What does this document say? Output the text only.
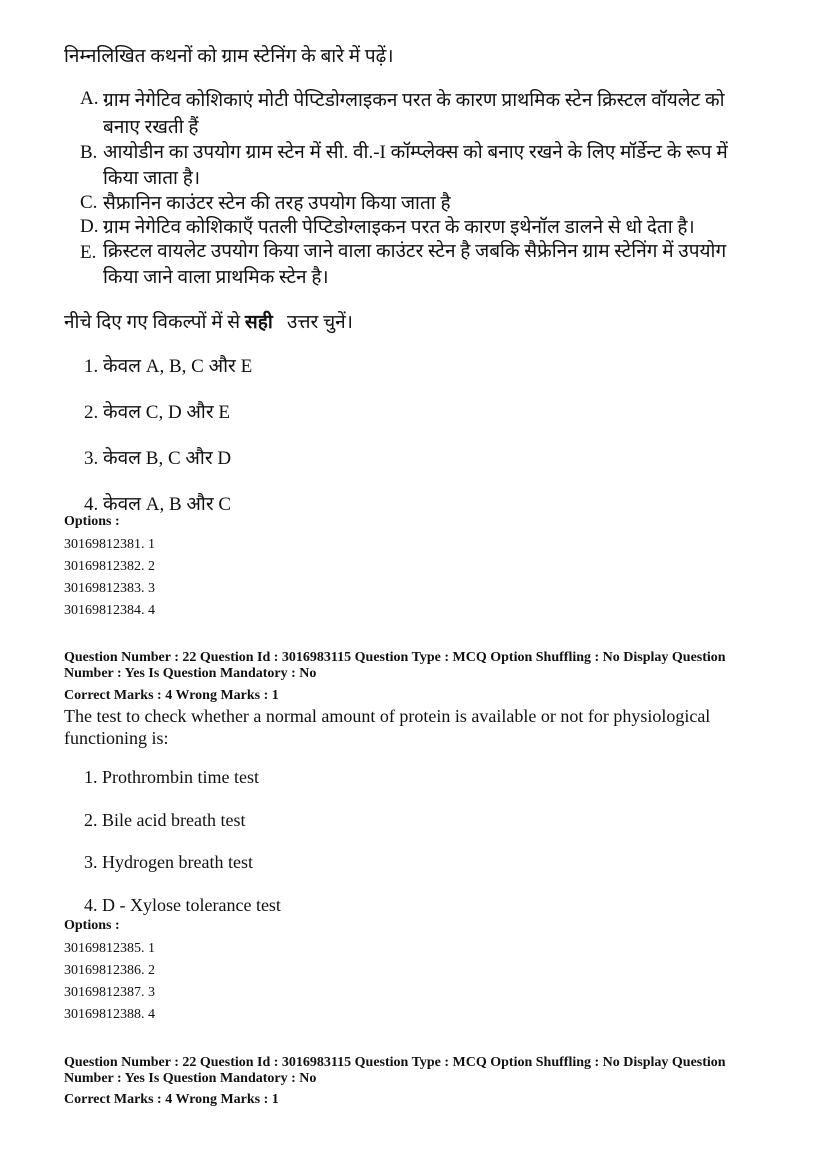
निम्नलिखित कथनों को ग्राम स्टेनिंग के बारे में पढ़ें।
A. ग्राम नेगेटिव कोशिकाएं मोटी पेप्टिडोग्लाइकन परत के कारण प्राथमिक स्टेन क्रिस्टल वॉयलेट को
बनाए रखती हैं
B. आयोडीन का उपयोग ग्राम स्टेन में सी. वी.-I कॉम्प्लेक्स को बनाए रखने के लिए मॉर्डेन्ट के रूप में
किया जाता है।
C. सैफ्रानिन काउंटर स्टेन की तरह उपयोग किया जाता है
D. ग्राम नेगेटिव कोशिकाएँ पतली पेप्टिडोग्लाइकन परत के कारण इथेनॉल डालने से धो देता है।
E. क्रिस्टल वायलेट उपयोग किया जाने वाला काउंटर स्टेन है जबकि सैफ्रेनिन ग्राम स्टेनिंग में उपयोग
किया जाने वाला प्राथमिक स्टेन है।
नीचे दिए गए विकल्पों में से सही उत्तर चुनें।
1. केवल A, B, C और E
2. केवल C, D और E
3. केवल B, C और D
4. केवल A, B और C
Options :
30169812381. 1
30169812382. 2
30169812383. 3
30169812384. 4
Question Number : 22 Question Id : 3016983115 Question Type : MCQ Option Shuffling : No Display Question
Number : Yes Is Question Mandatory : No
Correct Marks : 4 Wrong Marks : 1
The test to check whether a normal amount of protein is available or not for physiological
functioning is:
1. Prothrombin time test
2. Bile acid breath test
3. Hydrogen breath test
4. D - Xylose tolerance test
Options :
30169812385. 1
30169812386. 2
30169812387. 3
30169812388. 4
Question Number : 22 Question Id : 3016983115 Question Type : MCQ Option Shuffling : No Display Question
Number : Yes Is Question Mandatory : No
Correct Marks : 4 Wrong Marks : 1
